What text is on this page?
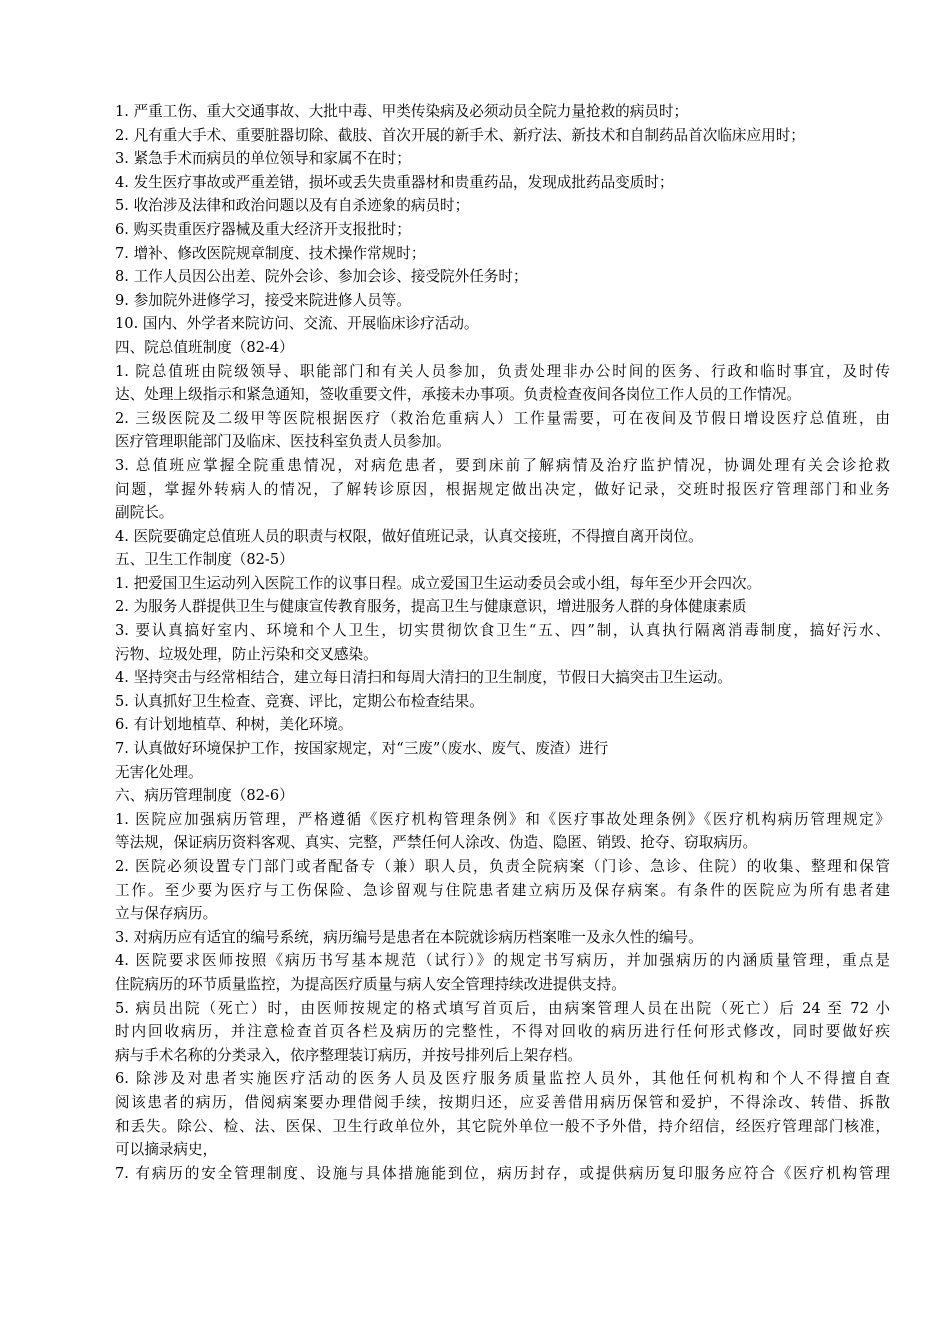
1. 严重工伤、重大交通事故、大批中毒、甲类传染病及必须动员全院力量抢救的病员时；
2. 凡有重大手术、重要脏器切除、截肢、首次开展的新手术、新疗法、新技术和自制药品首次临床应用时；
3. 紧急手术而病员的单位领导和家属不在时；
4. 发生医疗事故或严重差错，损坏或丢失贵重器材和贵重药品，发现成批药品变质时；
5. 收治涉及法律和政治问题以及有自杀迹象的病员时；
6. 购买贵重医疗器械及重大经济开支报批时；
7. 增补、修改医院规章制度、技术操作常规时；
8. 工作人员因公出差、院外会诊、参加会诊、接受院外任务时；
9. 参加院外进修学习，接受来院进修人员等。
10. 国内、外学者来院访问、交流、开展临床诊疗活动。
四、院总值班制度（82-4）
1. 院总值班由院级领导、职能部门和有关人员参加，负责处理非办公时间的医务、行政和临时事宜，及时传
达、处理上级指示和紧急通知，签收重要文件，承接未办事项。负责检查夜间各岗位工作人员的工作情况。
2. 三级医院及二级甲等医院根据医疗（救治危重病人）工作量需要，可在夜间及节假日增设医疗总值班，由
医疗管理职能部门及临床、医技科室负责人员参加。
3. 总值班应掌握全院重患情况，对病危患者，要到床前了解病情及治疗监护情况，协调处理有关会诊抢救
问题，掌握外转病人的情况，了解转诊原因，根据规定做出决定，做好记录，交班时报医疗管理部门和业务
副院长。
4. 医院要确定总值班人员的职责与权限，做好值班记录，认真交接班，不得擅自离开岗位。
五、卫生工作制度（82-5）
1. 把爱国卫生运动列入医院工作的议事日程。成立爱国卫生运动委员会或小组，每年至少开会四次。
2. 为服务人群提供卫生与健康宣传教育服务，提高卫生与健康意识，增进服务人群的身体健康素质
3. 要认真搞好室内、环境和个人卫生，切实贯彻饮食卫生“五、四”制，认真执行隔离消毒制度，搞好污水、
污物、垃圾处理，防止污染和交叉感染。
4. 坚持突击与经常相结合，建立每日清扫和每周大清扫的卫生制度，节假日大搞突击卫生运动。
5. 认真抓好卫生检查、竞赛、评比，定期公布检查结果。
6. 有计划地植草、种树，美化环境。
7. 认真做好环境保护工作，按国家规定，对“三废”（废水、废气、废渣）进行
无害化处理。
六、病历管理制度（82-6）
1. 医院应加强病历管理，严格遵循《医疗机构管理条例》和《医疗事故处理条例》《医疗机构病历管理规定》
等法规，保证病历资料客观、真实、完整，严禁任何人涂改、伪造、隐匿、销毁、抢夺、窃取病历。
2. 医院必须设置专门部门或者配备专（兼）职人员，负责全院病案（门诊、急诊、住院）的收集、整理和保管
工作。至少要为医疗与工伤保险、急诊留观与住院患者建立病历及保存病案。有条件的医院应为所有患者建
立与保存病历。
3. 对病历应有适宜的编号系统，病历编号是患者在本院就诊病历档案唯一及永久性的编号。
4. 医院要求医师按照《病历书写基本规范（试行）》的规定书写病历，并加强病历的内涵质量管理，重点是
住院病历的环节质量监控，为提高医疗质量与病人安全管理持续改进提供支持。
5. 病员出院（死亡）时，由医师按规定的格式填写首页后，由病案管理人员在出院（死亡）后 24 至 72 小
时内回收病历，并注意检查首页各栏及病历的完整性，不得对回收的病历进行任何形式修改，同时要做好疾
病与手术名称的分类录入，依序整理装订病历，并按号排列后上架存档。
6. 除涉及对患者实施医疗活动的医务人员及医疗服务质量监控人员外，其他任何机构和个人不得擅自查
阅该患者的病历，借阅病案要办理借阅手续，按期归还，应妥善借用病历保管和爱护，不得涂改、转借、拆散
和丢失。除公、检、法、医保、卫生行政单位外，其它院外单位一般不予外借，持介绍信，经医疗管理部门核准，
可以摘录病史，
7. 有病历的安全管理制度、设施与具体措施能到位，病历封存，或提供病历复印服务应符合《医疗机构管理
